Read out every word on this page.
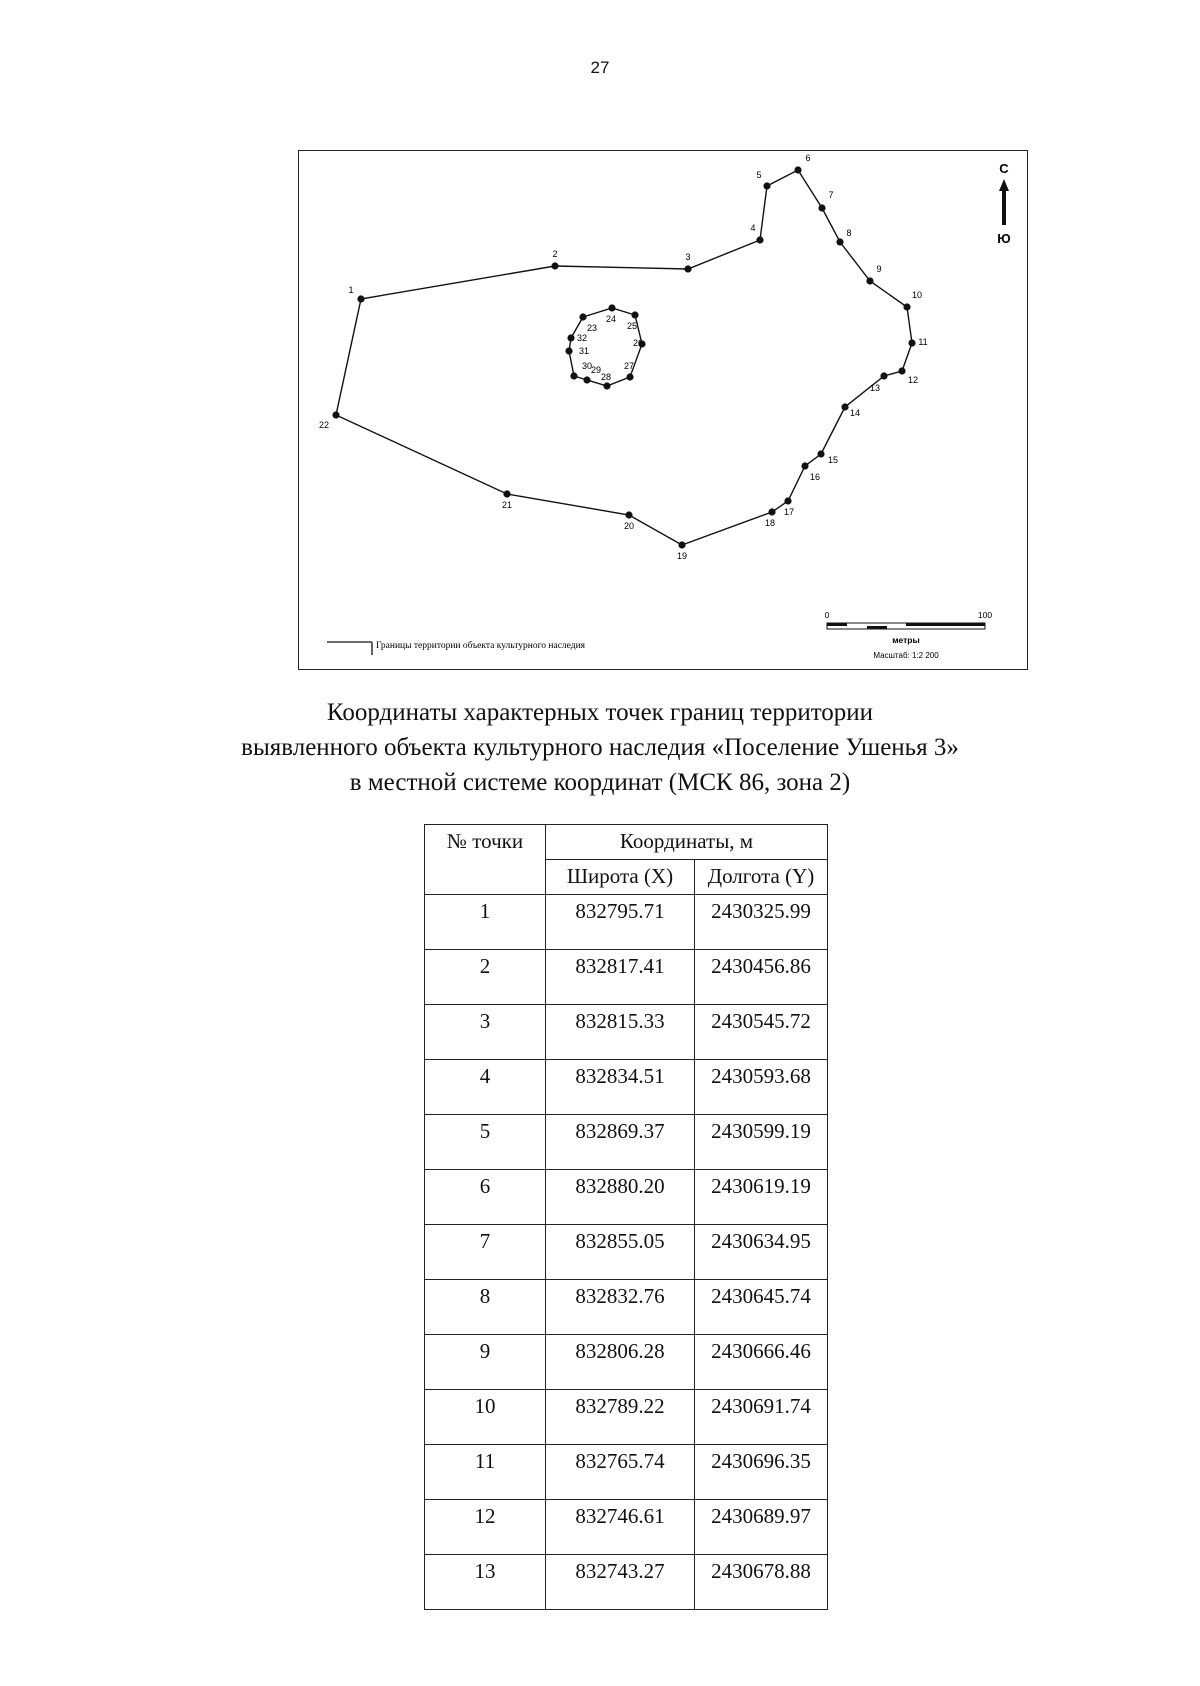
27
С
Ю
1
2	3
4
5
6
7
8
9
10
11
12
13
14
15
16
17
18
19
20
21
22
23
24
25
26
27
28
29
30
31
32
Границы территории объекта культурного наследия
0	100
метры
Масштаб: 1:2 200
Координаты характерных точек границ территории
выявленного объекта культурного наследия «Поселение Ушенья 3»
в местной системе координат (МСК 86, зона 2)
№ точки	Координаты, м	
	Широта (X)	Долгота (Y)
1	832795.71	2430325.99
2	832817.41	2430456.86
3	832815.33	2430545.72
4	832834.51	2430593.68
5	832869.37	2430599.19
6	832880.20	2430619.19
7	832855.05	2430634.95
8	832832.76	2430645.74
9	832806.28	2430666.46
10	832789.22	2430691.74
11	832765.74	2430696.35
12	832746.61	2430689.97
13	832743.27	2430678.88
